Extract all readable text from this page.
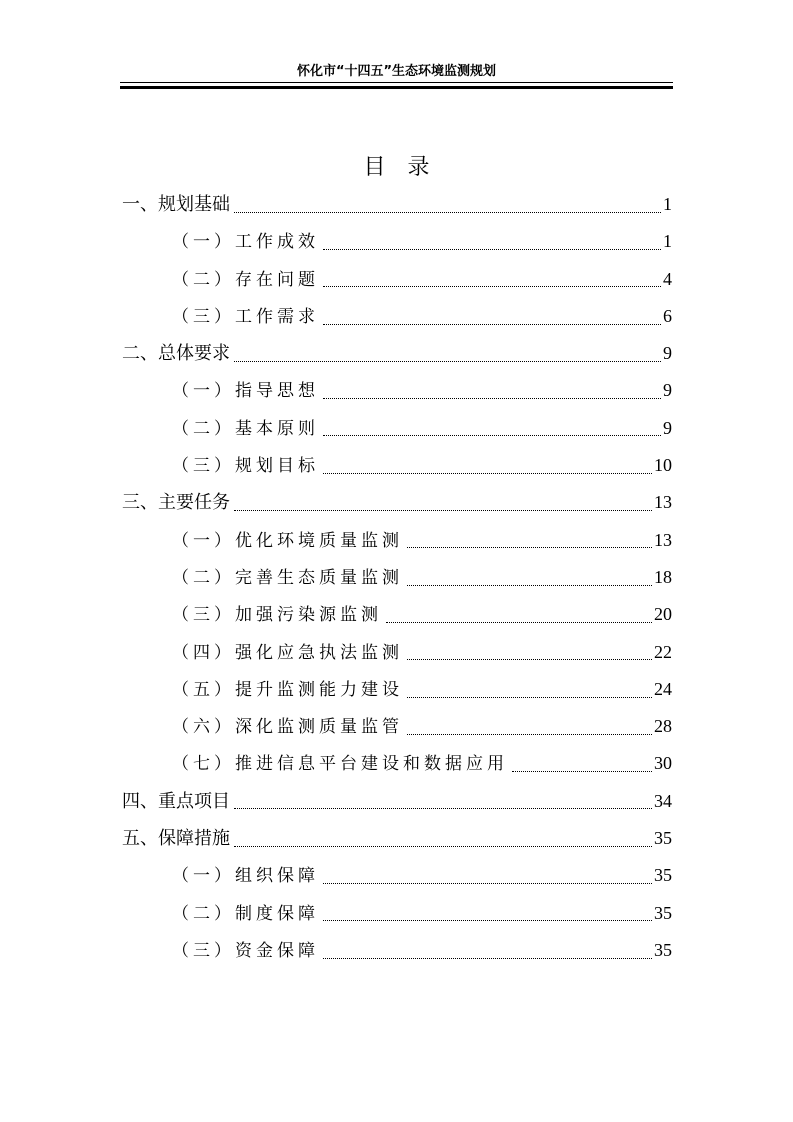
怀化市“十四五”生态环境监测规划
目录
一、规划基础	1
（一）工作成效	1
（二）存在问题	4
（三）工作需求	6
二、总体要求	9
（一）指导思想	9
（二）基本原则	9
（三）规划目标	10
三、主要任务	13
（一）优化环境质量监测	13
（二）完善生态质量监测	18
（三）加强污染源监测	20
（四）强化应急执法监测	22
（五）提升监测能力建设	24
（六）深化监测质量监管	28
（七）推进信息平台建设和数据应用	30
四、重点项目	34
五、保障措施	35
（一）组织保障	35
（二）制度保障	35
（三）资金保障	35
